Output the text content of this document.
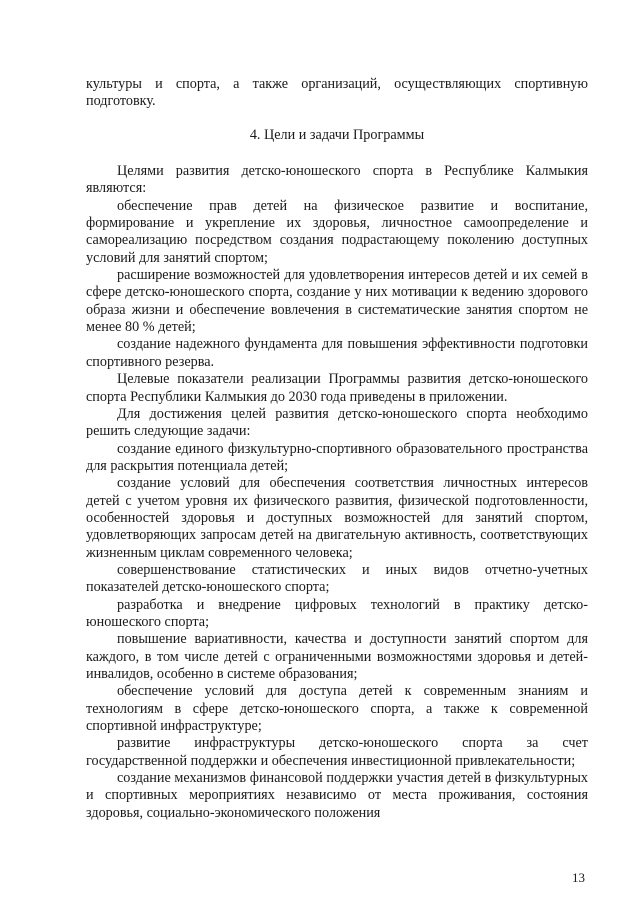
культуры и спорта, а также организаций, осуществляющих спортивную подготовку.

4. Цели и задачи Программы

Целями развития детско-юношеского спорта в Республике Калмыкия являются:

обеспечение прав детей на физическое развитие и воспитание, формирование и укрепление их здоровья, личностное самоопределение и самореализацию посредством создания подрастающему поколению доступных условий для занятий спортом;

расширение возможностей для удовлетворения интересов детей и их семей в сфере детско-юношеского спорта, создание у них мотивации к ведению здорового образа жизни и обеспечение вовлечения в систематические занятия спортом не менее 80 % детей;

создание надежного фундамента для повышения эффективности подготовки спортивного резерва.

Целевые показатели реализации Программы развития детско-юношеского спорта Республики Калмыкия до 2030 года приведены в приложении.

Для достижения целей развития детско-юношеского спорта необходимо решить следующие задачи:

создание единого физкультурно-спортивного образовательного пространства для раскрытия потенциала детей;

создание условий для обеспечения соответствия личностных интересов детей с учетом уровня их физического развития, физической подготовленности, особенностей здоровья и доступных возможностей для занятий спортом, удовлетворяющих запросам детей на двигательную активность, соответствующих жизненным циклам современного человека;

совершенствование статистических и иных видов отчетно-учетных показателей детско-юношеского спорта;

разработка и внедрение цифровых технологий в практику детско-юношеского спорта;

повышение вариативности, качества и доступности занятий спортом для каждого, в том числе детей с ограниченными возможностями здоровья и детей-инвалидов, особенно в системе образования;

обеспечение условий для доступа детей к современным знаниям и технологиям в сфере детско-юношеского спорта, а также к современной спортивной инфраструктуре;

развитие инфраструктуры детско-юношеского спорта за счет государственной поддержки и обеспечения инвестиционной привлекательности;

создание механизмов финансовой поддержки участия детей в физкультурных и спортивных мероприятиях независимо от места проживания, состояния здоровья, социально-экономического положения

13
